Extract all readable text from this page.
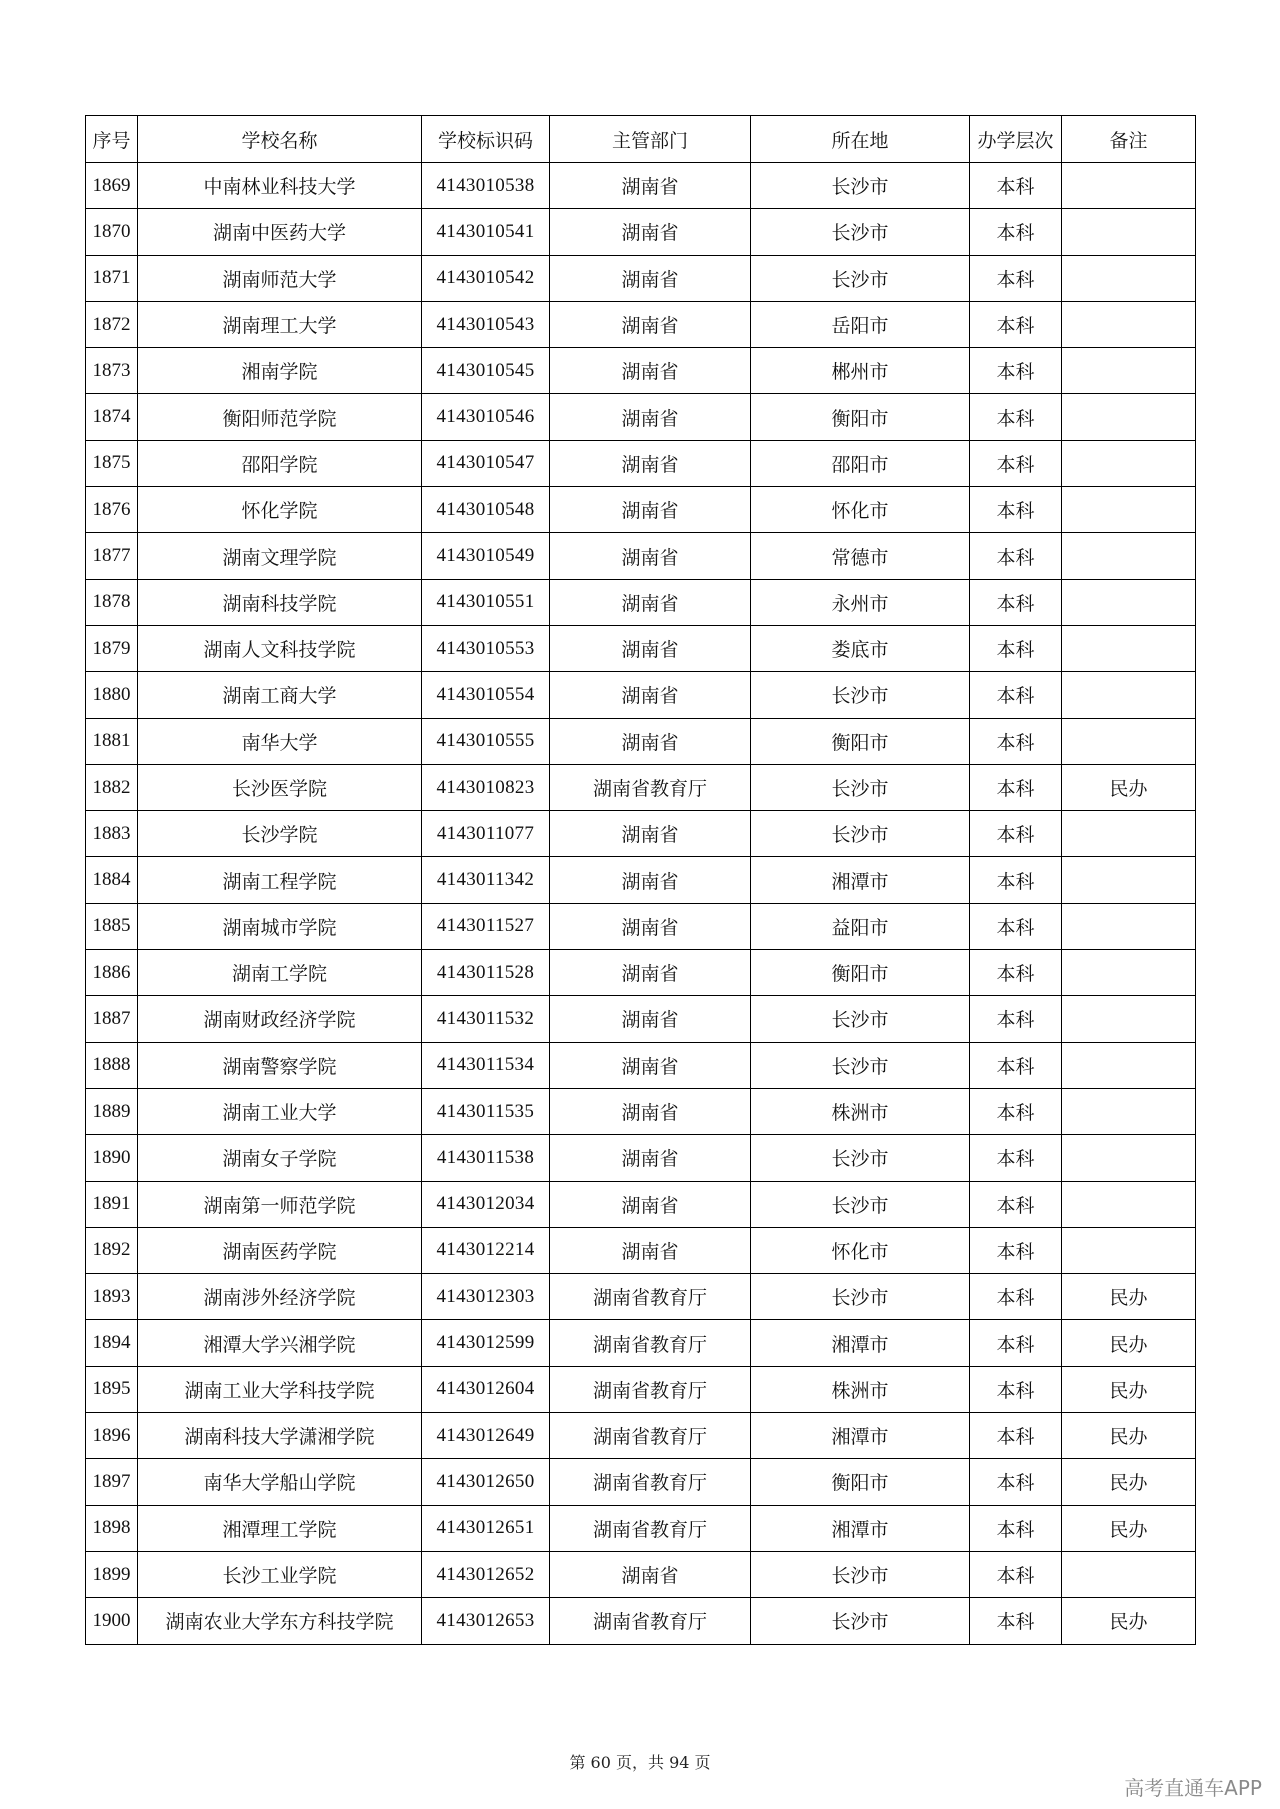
序号	学校名称	学校标识码	主管部门	所在地	办学层次	备注
1869	中南林业科技大学	4143010538	湖南省	长沙市	本科	
1870	湖南中医药大学	4143010541	湖南省	长沙市	本科	
1871	湖南师范大学	4143010542	湖南省	长沙市	本科	
1872	湖南理工大学	4143010543	湖南省	岳阳市	本科	
1873	湘南学院	4143010545	湖南省	郴州市	本科	
1874	衡阳师范学院	4143010546	湖南省	衡阳市	本科	
1875	邵阳学院	4143010547	湖南省	邵阳市	本科	
1876	怀化学院	4143010548	湖南省	怀化市	本科	
1877	湖南文理学院	4143010549	湖南省	常德市	本科	
1878	湖南科技学院	4143010551	湖南省	永州市	本科	
1879	湖南人文科技学院	4143010553	湖南省	娄底市	本科	
1880	湖南工商大学	4143010554	湖南省	长沙市	本科	
1881	南华大学	4143010555	湖南省	衡阳市	本科	
1882	长沙医学院	4143010823	湖南省教育厅	长沙市	本科	民办
1883	长沙学院	4143011077	湖南省	长沙市	本科	
1884	湖南工程学院	4143011342	湖南省	湘潭市	本科	
1885	湖南城市学院	4143011527	湖南省	益阳市	本科	
1886	湖南工学院	4143011528	湖南省	衡阳市	本科	
1887	湖南财政经济学院	4143011532	湖南省	长沙市	本科	
1888	湖南警察学院	4143011534	湖南省	长沙市	本科	
1889	湖南工业大学	4143011535	湖南省	株洲市	本科	
1890	湖南女子学院	4143011538	湖南省	长沙市	本科	
1891	湖南第一师范学院	4143012034	湖南省	长沙市	本科	
1892	湖南医药学院	4143012214	湖南省	怀化市	本科	
1893	湖南涉外经济学院	4143012303	湖南省教育厅	长沙市	本科	民办
1894	湘潭大学兴湘学院	4143012599	湖南省教育厅	湘潭市	本科	民办
1895	湖南工业大学科技学院	4143012604	湖南省教育厅	株洲市	本科	民办
1896	湖南科技大学潇湘学院	4143012649	湖南省教育厅	湘潭市	本科	民办
1897	南华大学船山学院	4143012650	湖南省教育厅	衡阳市	本科	民办
1898	湘潭理工学院	4143012651	湖南省教育厅	湘潭市	本科	民办
1899	长沙工业学院	4143012652	湖南省	长沙市	本科	
1900	湖南农业大学东方科技学院	4143012653	湖南省教育厅	长沙市	本科	民办
第 60 页，共 94 页
高考直通车APP
